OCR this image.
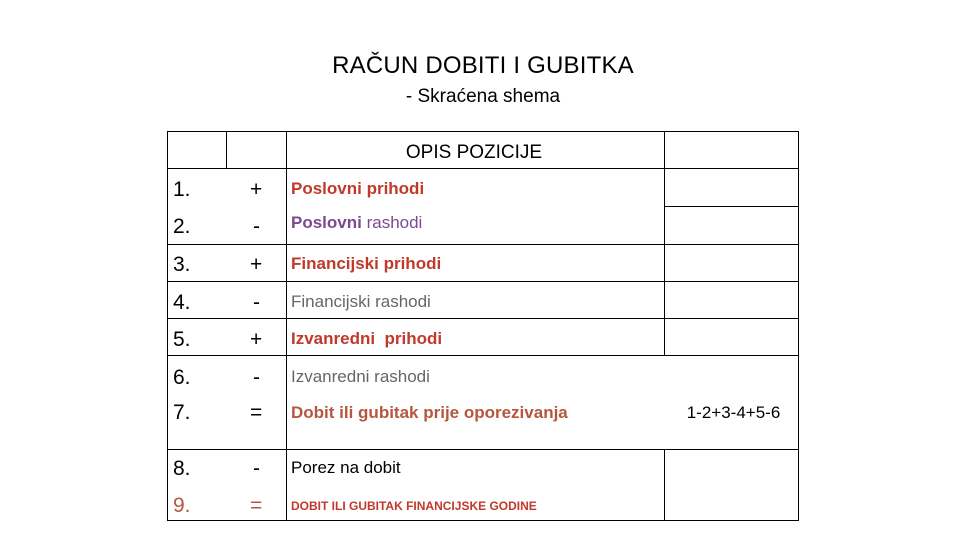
RAČUN DOBITI I GUBITKA
- Skraćena shema
OPIS POZICIJE
1.	+ Poslovni prihodi
2.	- Poslovni rashodi
3.	+ Financijski prihodi
4.	- Financijski rashodi
5.	+ Izvanredni  prihodi
6.	- Izvanredni rashodi
7.	= Dobit ili gubitak prije oporezivanja	1-2+3-4+5-6
8.	- Porez na dobit
9.	= DOBIT ILI GUBITAK FINANCIJSKE GODINE
